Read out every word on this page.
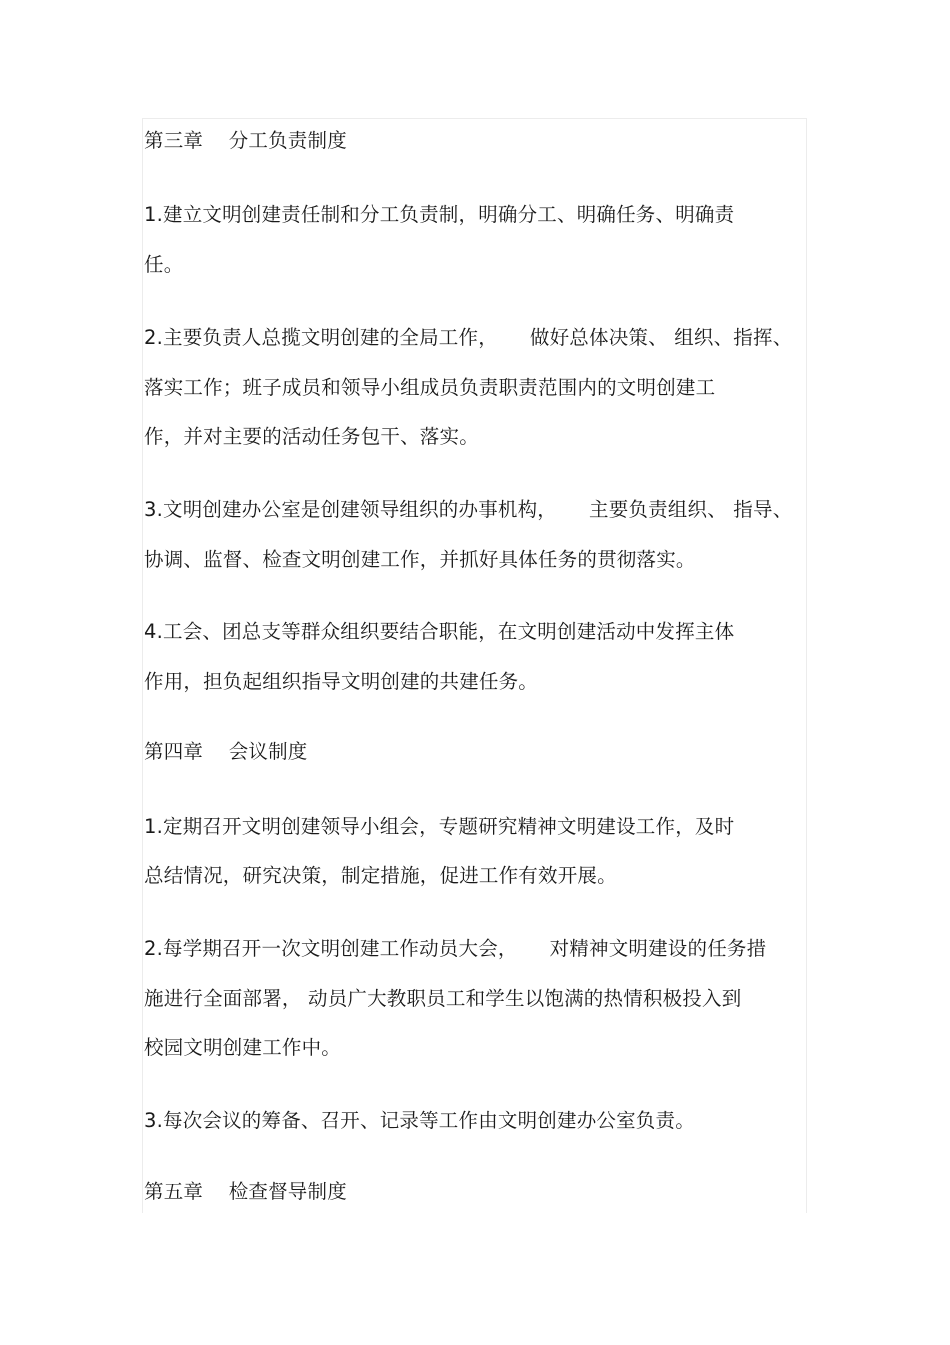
第三章    分工负责制度
1.建立文明创建责任制和分工负责制，明确分工、明确任务、明确责
任。
2.主要负责人总揽文明创建的全局工作，     做好总体决策、 组织、指挥、
落实工作；班子成员和领导小组成员负责职责范围内的文明创建工
作，并对主要的活动任务包干、落实。
3.文明创建办公室是创建领导组织的办事机构，     主要负责组织、 指导、
协调、监督、检查文明创建工作，并抓好具体任务的贯彻落实。
4.工会、团总支等群众组织要结合职能，在文明创建活动中发挥主体
作用，担负起组织指导文明创建的共建任务。
第四章    会议制度
1.定期召开文明创建领导小组会，专题研究精神文明建设工作，及时
总结情况，研究决策，制定措施，促进工作有效开展。
2.每学期召开一次文明创建工作动员大会，     对精神文明建设的任务措
施进行全面部署， 动员广大教职员工和学生以饱满的热情积极投入到
校园文明创建工作中。
3.每次会议的筹备、召开、记录等工作由文明创建办公室负责。
第五章    检查督导制度
